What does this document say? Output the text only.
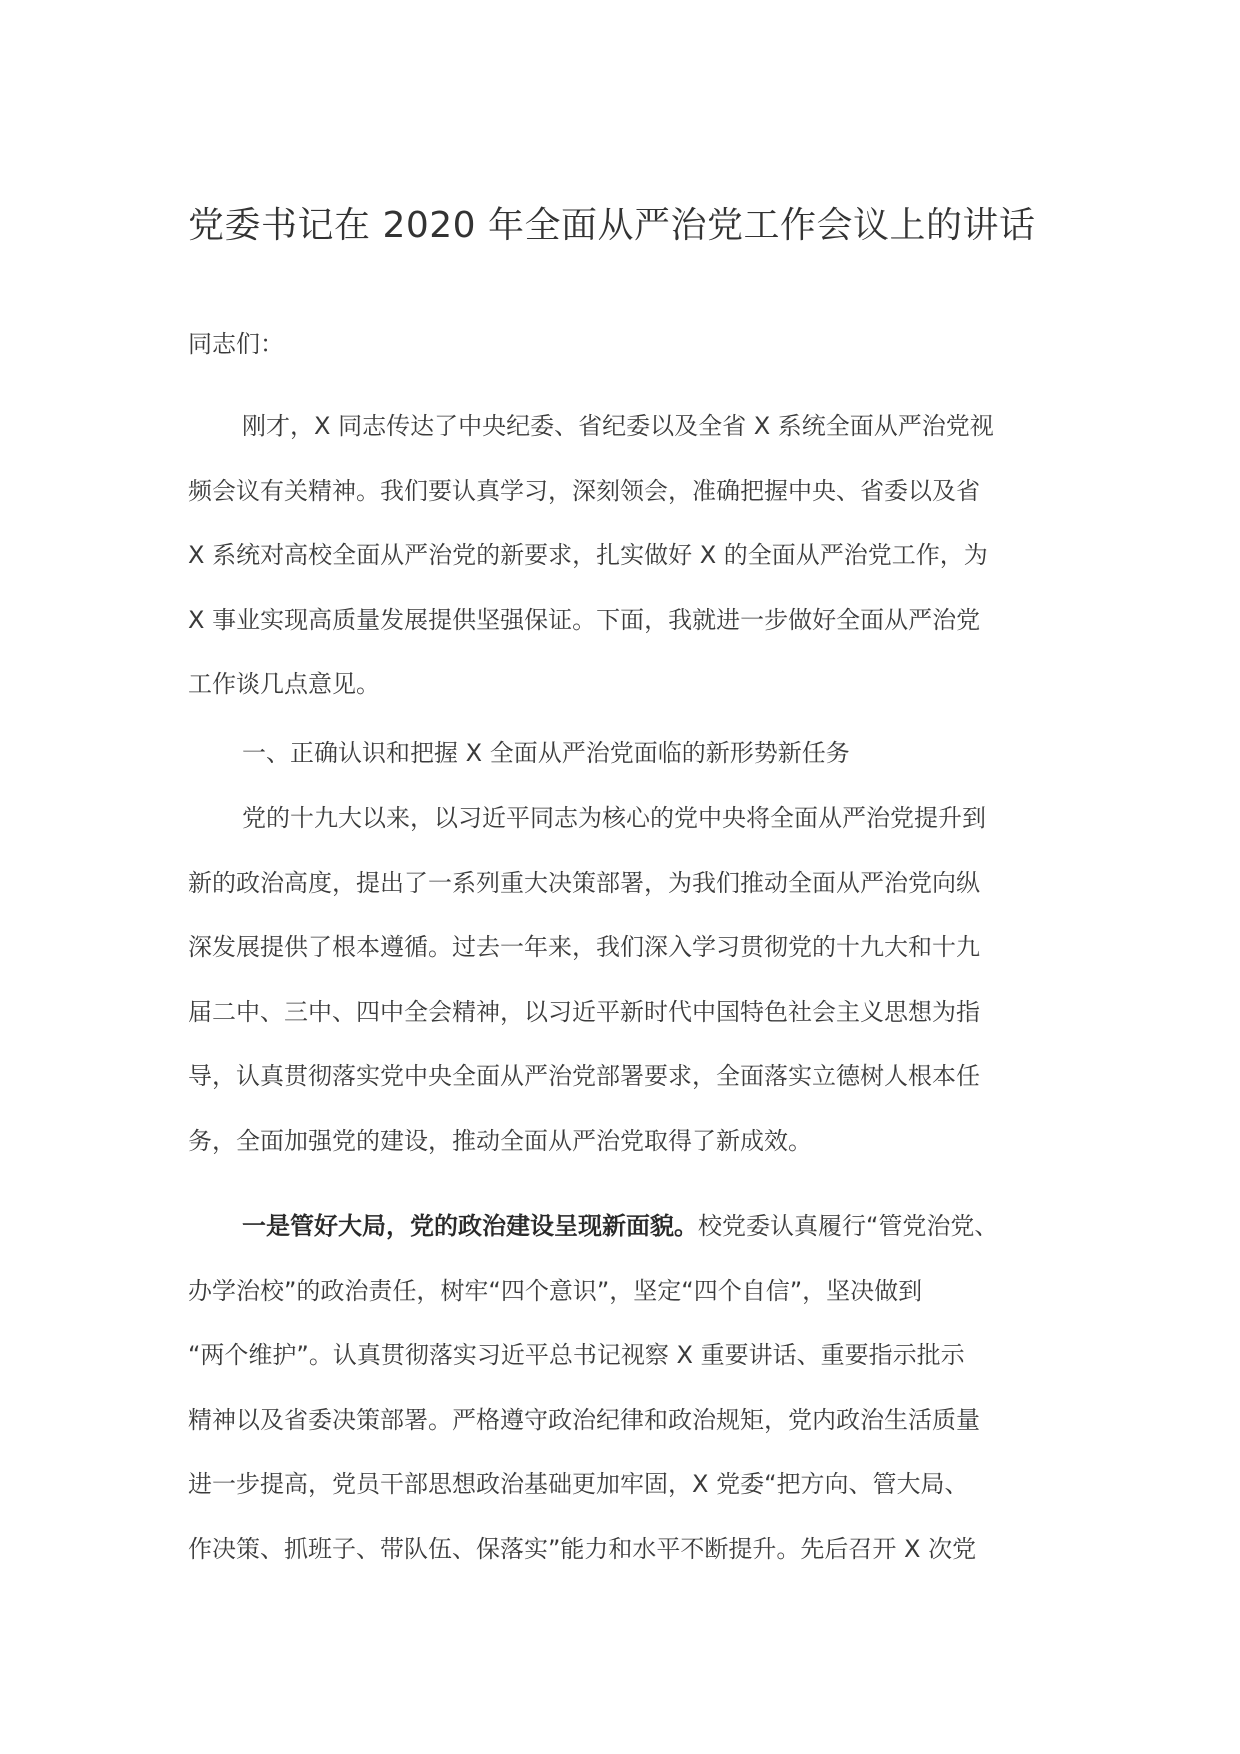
党委书记在 2020 年全面从严治党工作会议上的讲话

同志们：

刚才，X 同志传达了中央纪委、省纪委以及全省 X 系统全面从严治党视
频会议有关精神。我们要认真学习，深刻领会，准确把握中央、省委以及省
X 系统对高校全面从严治党的新要求，扎实做好 X 的全面从严治党工作，为
X 事业实现高质量发展提供坚强保证。下面，我就进一步做好全面从严治党
工作谈几点意见。
一、正确认识和把握 X 全面从严治党面临的新形势新任务
党的十九大以来，以习近平同志为核心的党中央将全面从严治党提升到
新的政治高度，提出了一系列重大决策部署，为我们推动全面从严治党向纵
深发展提供了根本遵循。过去一年来，我们深入学习贯彻党的十九大和十九
届二中、三中、四中全会精神，以习近平新时代中国特色社会主义思想为指
导，认真贯彻落实党中央全面从严治党部署要求，全面落实立德树人根本任
务，全面加强党的建设，推动全面从严治党取得了新成效。
一是管好大局，党的政治建设呈现新面貌。校党委认真履行“管党治党、
办学治校”的政治责任，树牢“四个意识”，坚定“四个自信”，坚决做到
“两个维护”。认真贯彻落实习近平总书记视察 X 重要讲话、重要指示批示
精神以及省委决策部署。严格遵守政治纪律和政治规矩，党内政治生活质量
进一步提高，党员干部思想政治基础更加牢固，X 党委“把方向、管大局、
作决策、抓班子、带队伍、保落实”能力和水平不断提升。先后召开 X 次党
